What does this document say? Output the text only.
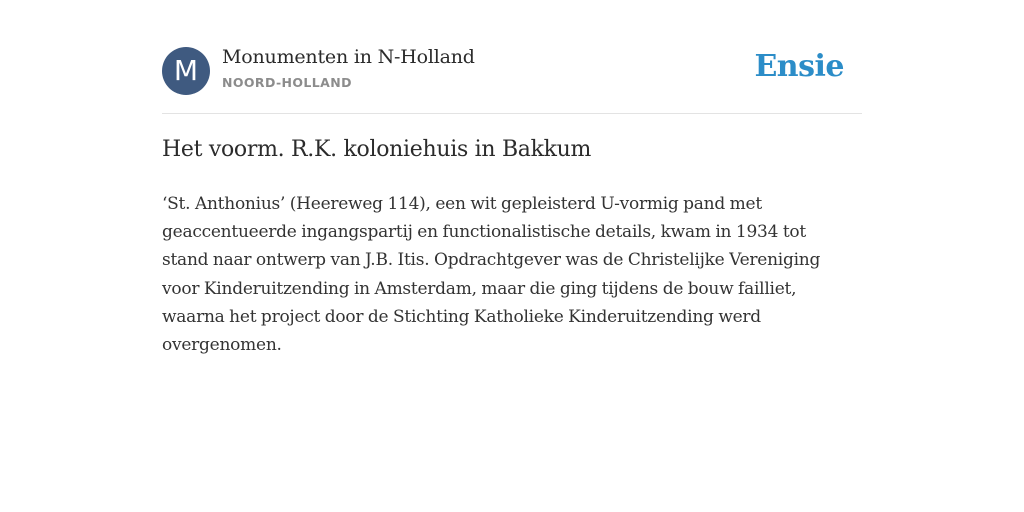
M	Monumenten in N-Holland
NOORD-HOLLAND	Ensie
Het voorm. R.K. koloniehuis in Bakkum

‘St. Anthonius’ (Heereweg 114), een wit gepleisterd U-vormig pand met geaccentueerde ingangspartij en functionalistische details, kwam in 1934 tot stand naar ontwerp van J.B. Itis. Opdrachtgever was de Christelijke Vereniging voor Kinderuitzending in Amsterdam, maar die ging tijdens de bouw failliet, waarna het project door de Stichting Katholieke Kinderuitzending werd overgenomen.
